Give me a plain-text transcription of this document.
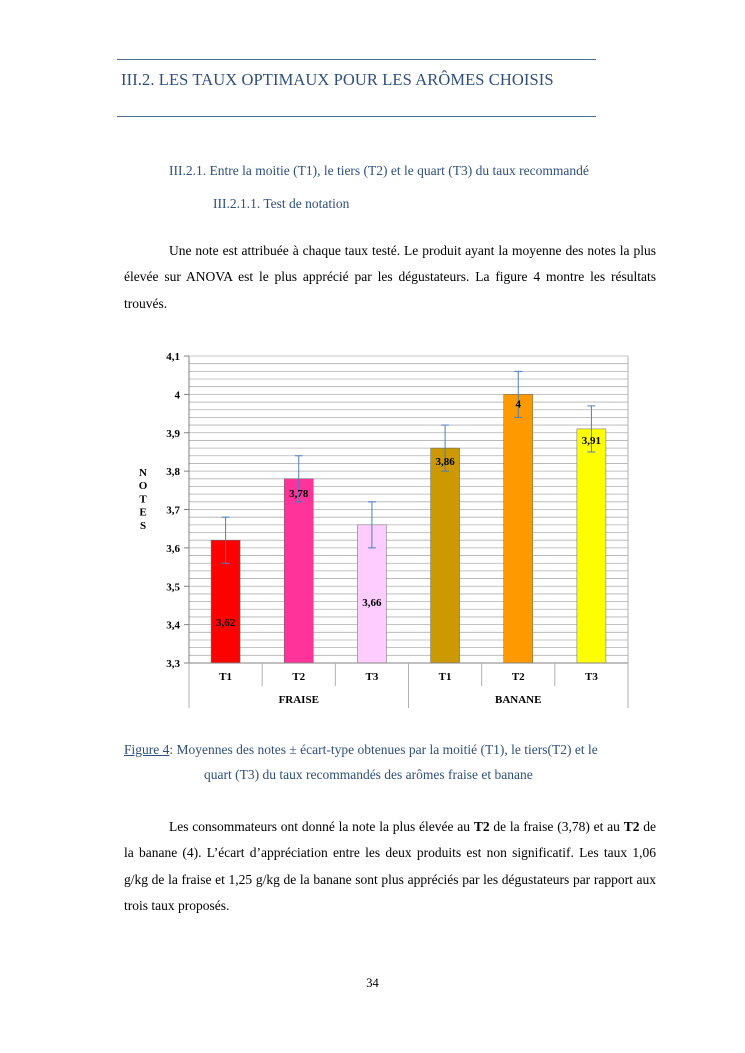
III.2. LES TAUX OPTIMAUX POUR LES ARÔMES CHOISIS
III.2.1. Entre la moitie (T1), le tiers (T2) et le quart (T3) du taux recommandé
III.2.1.1. Test de notation
Une note est attribuée à chaque taux testé. Le produit ayant la moyenne des notes la plus élevée sur ANOVA est le plus apprécié par les dégustateurs. La figure 4 montre les résultats trouvés.
3,3
3,4
3,5
3,6
3,7
3,8
3,9
4
4,1
N
O
T
E
S
3,62
3,78
3,66
3,86
4
3,91
T1	T2	T3	T1	T2	T3
FRAISE	BANANE
Figure 4: Moyennes des notes ± écart-type obtenues par la moitié (T1), le tiers(T2) et le
quart (T3) du taux recommandés des arômes fraise et banane
Les consommateurs ont donné la note la plus élevée au T2 de la fraise (3,78) et au T2 de la banane (4). L’écart d’appréciation entre les deux produits est non significatif. Les taux 1,06 g/kg de la fraise et 1,25 g/kg de la banane sont plus appréciés par les dégustateurs par rapport aux trois taux proposés.
34
